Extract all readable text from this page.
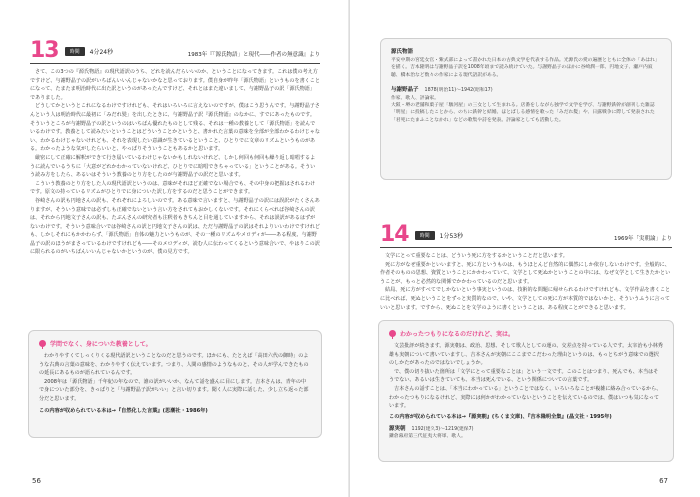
13	時間	4分24秒	1983年『「源氏物語」と現代――作者の無意識』より

さて、この3つの『源氏物語』の現代語訳のうち、どれを読んだらいいのか、ということになってきます。これは僕の考え方ですけど、与謝野晶子の訳がいちばんいいんじゃないかなと思っております。僕自身が昨年「源氏物語」というものを書くことになって、たまたま明治時代に出た訳というのがあったんですけど、それとはまた違いまして、与謝野晶子の訳「源氏物語」でありました。

どうしてかというとこれになるわけですけれども、それはいろいろに言えないのですが、僕はこう思うんです。与謝野晶子さんという人は明治時代に最初に「みだれ髪」を出したときに、与謝野晶子訳『源氏物語』のなかに、すでにあったものです。そういうところが与謝野晶子の訳というのはいちばん優れたものとして残る、それは一種の教養として「源氏物語」を読んでいるわけです。教養として読みたいということはどういうことかというと、書かれた言葉の意味を全部が全部わかるわけじゃない、わかるわけじゃないけれども、それを表現したい意識が生きているということ、ひとりでに文章のリズムというものがある。わかったような気がしたらいいと、やっぱりそういうこともあるかと思います。

厳密にして正確に解釈ができて行き届いているわけじゃないかもしれないけれど、しかし何回も何回も繰り返し暗唱するように読んでいるうちに「大意がどれかわかっていないけれど、ひとりでに暗唱できちゃっている」ということがある。そういう読み方をしたら、あるいはそういう教養のとり方をしたのが与謝野晶子の訳だと思います。

こういう教養のとり方をした人の現代語訳というのは、意味がそれほど正確でない場合でも、その中身の把握はされるわけです。原文の持っているリズムがひとりでに身についた訳し方をするのだと思うことができます。

谷崎さんの訳も円地さんの訳も、それぞれによろしいのです。ある意味で言いますと、与謝野晶子の訳には誤訳がたくさんありますが、そういう意味では必ずしも正確でないという言い方をされてもおかしくないです。それにくらべれば谷崎さんの訳は、それから円地文子さんの訳も、たぶんさんの研究者も注釈者もきちんと目を通していますから、それは誤訳があるはずがないわけです。そういう意味合いでは谷崎さんの訳と円地文子さんの訳は、ただ与謝野晶子の訳はそれよりいいわけですけれども、しかしそれにもかかわらず、「源氏物語」自体の魅力というものが、その一種のリズムやメロディが――ある程度、与謝野晶子の訳のほうがまさっているわけですけれども――そのメロディが、読む人に伝わってくるという意味合いで、やはりこの訳に限られるのがいちばんいいんじゃないかというのが、僕の見方です。

学問でなく、身についた教養として。

わかりやすくてしっくりくる現代語訳ということなのだと思うのです。ほかにも、たとえば「高田六代の御時」のような古典の言葉の意味を、わかりやすく伝えています。つまり、人間の感情のようなものと、その人が学んできたものの延長にあるものが語られているんです。

2008年は「源氏物語」千年紀の年なので、誰の訳がいいか、なんて話を盛んに目にします。吉本さんは、青年の中で身についた部分を、きっぱりと「与謝野晶子訳がいい」と言い切ります。聞く人に実際に話した、少し立ち返った部分だと思います。

この内容が収められている本は→『自然化した言葉』(思潮社・1986年)

56
源氏物語

平安中期の宮廷女官・紫式部によって書かれた日本の古典文学を代表する作品。光源氏の愛の遍歴とともに全体の「あはれ」を描く。吉本隆明は与謝野晶子訳を1008年頃まで読み続けていた。与謝野晶子のほかに谷崎潤一郎、円地文子、瀬戸内寂聴、橋本治など数々の作家による現代語訳がある。

与謝野晶子 1878(明治11)〜1942(昭和17)

作家、歌人、評論家。

大阪・堺の老舗和菓子屋「駿河屋」の三女として生まれる。店番をしながら独学で文学を学び、与謝野鉄幹が創刊した雑誌「明星」に投稿したことから、のちに鉄幹と結婚。ほとばしる感情を歌った「みだれ髪」や、日露戦争に際して発表された「君死にたまふことなかれ」などの歌集や詩を発表。評論家としても活動した。

14	時間	1分53秒	1969年「実朝論」より

文学にとって重要なことは、どういう死に方をするかということだと思います。

死に方がなぜ重要かといいますと、死に方というものは、もうほとんど自然的に偶然にしか依存しないわけです。全般的に、作者そのものの思想、資質ということにかかわっていて、文学として死ぬかということの中には、なぜ文学として生きたかということが、もっと必然的な関係でかかわっているのだと思います。

結局、死に方がすべてでしかないという事実というのは、技術的な問題に帰せられるわけですけれども、文学作品を書くことに比べれば、死ぬということをずっと実質的なので、いや、文学としての死に方が本質的ではないかと、そういうふうに言っていいと思います。ですから、死ぬことを文学のように書くということは、ある程度ことができると思います。

わかったつもりになるのだけれど、実は。

文芸批評が続きます。源実朝は、政治、思想、そして歌人としての運の、交差点を持っている人です。太宰治も小林秀雄も実朝について書いていますし、吉本さんが実朝にここまでこだわった理由というのは、もっとちがう意味での選択のしかたがあったのではないでしょうか。

で、僕の切り抜いた箇所は「文学にとって重要なことは」という一文です。このことはつまり、死んでも、本当はそうでない、あるいは生きていても、本当は死んでいる、という関係についての言葉です。

吉本さんの話すことは、「本当にわかっている」ということではなく、いろいろなことが複雑に絡み合っているから、わかったつもりになるけれど、実際には何かがわかっていないということを伝えているのでは、僕はいつも気になっています。

この内容が収められている本は→『源実朝』(ちくま文庫)、『吉本隆明全集』(晶文社・1995年)

源実朝 1192(建久3)〜1219(建保7)

鎌倉幕府第三代征夷大将軍、歌人。

67
